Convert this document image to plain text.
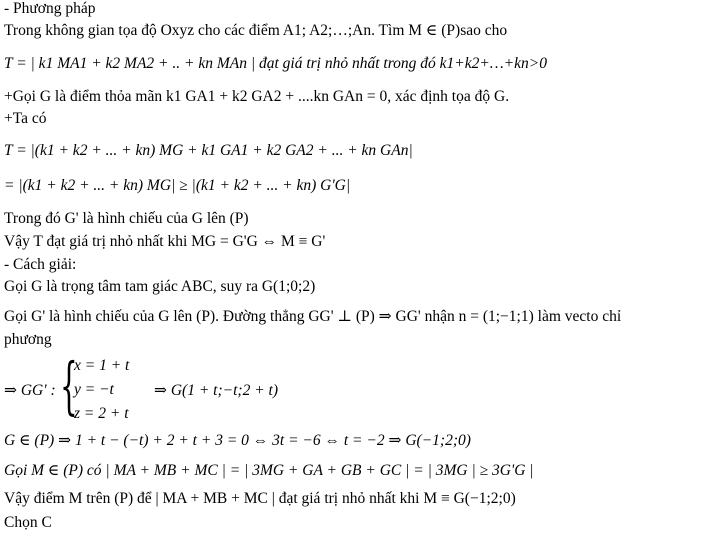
- Phương pháp
Trong không gian tọa độ Oxyz cho các điểm A1; A2;…;An. Tìm M ∈ (P)sao cho
T = | k1 MA1 + k2 MA2 + .. + kn MAn | đạt giá trị nhỏ nhất trong đó k1+k2+…+kn>0
+Gọi G là điểm thỏa mãn k1 GA1 + k2 GA2 + ....kn GAn = 0, xác định tọa độ G.
+Ta có
T = |(k1 + k2 + ... + kn) MG + k1 GA1 + k2 GA2 + ... + kn GAn|
= |(k1 + k2 + ... + kn) MG| ≥ |(k1 + k2 + ... + kn) G'G|
Trong đó G' là hình chiếu của G lên (P)
Vậy T đạt giá trị nhỏ nhất khi MG = G'G ⇔ M ≡ G'
- Cách giải:
Gọi G là trọng tâm tam giác ABC, suy ra G(1;0;2)
Gọi G' là hình chiếu của G lên (P). Đường thẳng GG' ⊥ (P) ⇒ GG' nhận n = (1;−1;1) làm vecto chỉ
phương
⇒ GG' : {
x = 1 + t
y = −t
z = 2 + t
⇒ G(1 + t;−t;2 + t)
G ∈ (P) ⇒ 1 + t − (−t) + 2 + t + 3 = 0 ⇔ 3t = −6 ⇔ t = −2 ⇒ G(−1;2;0)
Gọi M ∈ (P) có | MA + MB + MC | = | 3MG + GA + GB + GC | = | 3MG | ≥ 3G'G |
Vậy điểm M trên (P) để | MA + MB + MC | đạt giá trị nhỏ nhất khi M ≡ G(−1;2;0)
Chọn C
